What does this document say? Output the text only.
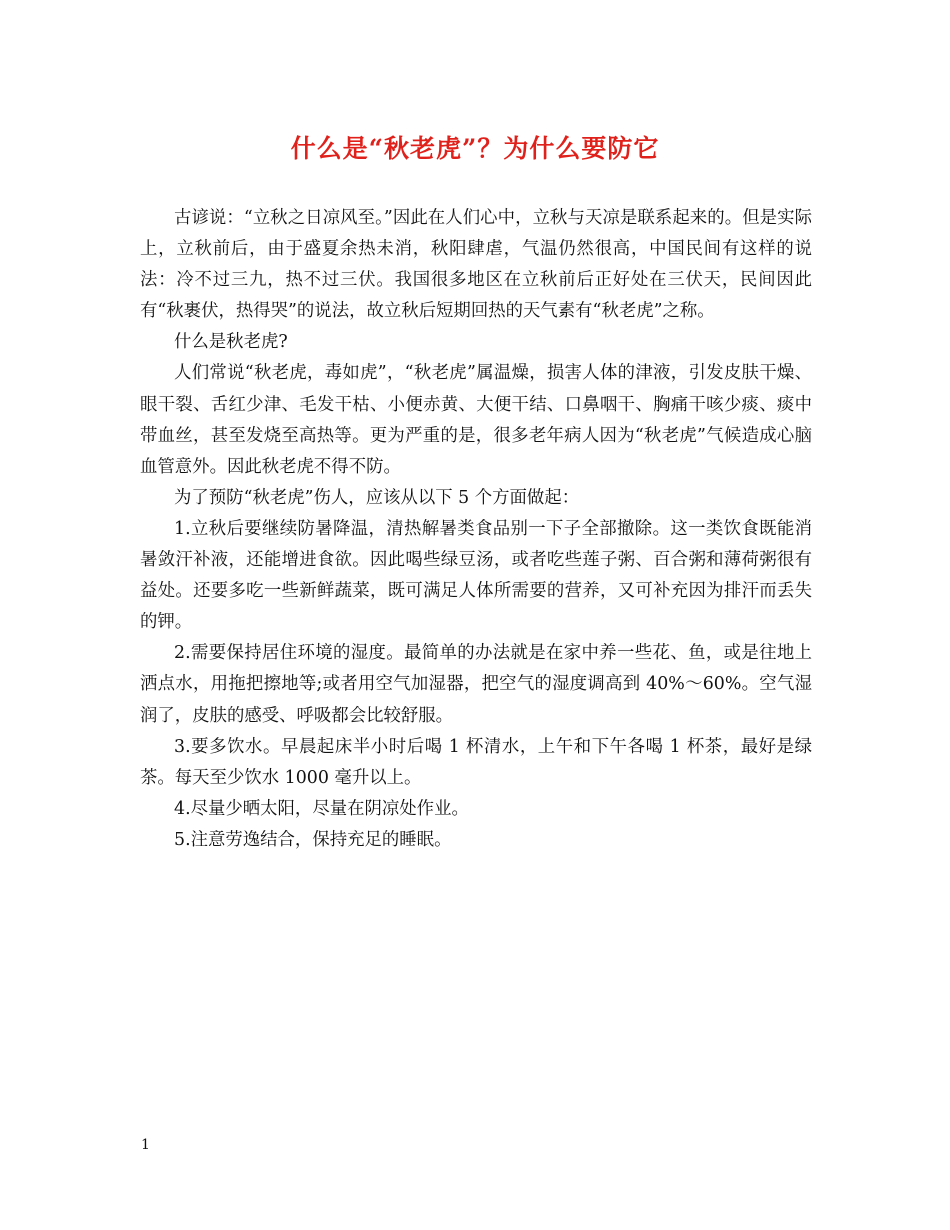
什么是“秋老虎”？为什么要防它

古谚说：“立秋之日凉风至。”因此在人们心中，立秋与天凉是联系起来的。但是实际上，立秋前后，由于盛夏余热未消，秋阳肆虐，气温仍然很高，中国民间有这样的说法：冷不过三九，热不过三伏。我国很多地区在立秋前后正好处在三伏天，民间因此有“秋裹伏，热得哭”的说法，故立秋后短期回热的天气素有“秋老虎”之称。

什么是秋老虎?

人们常说“秋老虎，毒如虎”，“秋老虎”属温燥，损害人体的津液，引发皮肤干燥、眼干裂、舌红少津、毛发干枯、小便赤黄、大便干结、口鼻咽干、胸痛干咳少痰、痰中带血丝，甚至发烧至高热等。更为严重的是，很多老年病人因为“秋老虎”气候造成心脑血管意外。因此秋老虎不得不防。

为了预防“秋老虎”伤人，应该从以下 5 个方面做起：

1.立秋后要继续防暑降温，清热解暑类食品别一下子全部撤除。这一类饮食既能消暑敛汗补液，还能增进食欲。因此喝些绿豆汤，或者吃些莲子粥、百合粥和薄荷粥很有益处。还要多吃一些新鲜蔬菜，既可满足人体所需要的营养，又可补充因为排汗而丢失的钾。

2.需要保持居住环境的湿度。最简单的办法就是在家中养一些花、鱼，或是往地上洒点水，用拖把擦地等;或者用空气加湿器，把空气的湿度调高到 40%～60%。空气湿润了，皮肤的感受、呼吸都会比较舒服。

3.要多饮水。早晨起床半小时后喝 1 杯清水，上午和下午各喝 1 杯茶，最好是绿茶。每天至少饮水 1000 毫升以上。

4.尽量少晒太阳，尽量在阴凉处作业。

5.注意劳逸结合，保持充足的睡眠。

1
